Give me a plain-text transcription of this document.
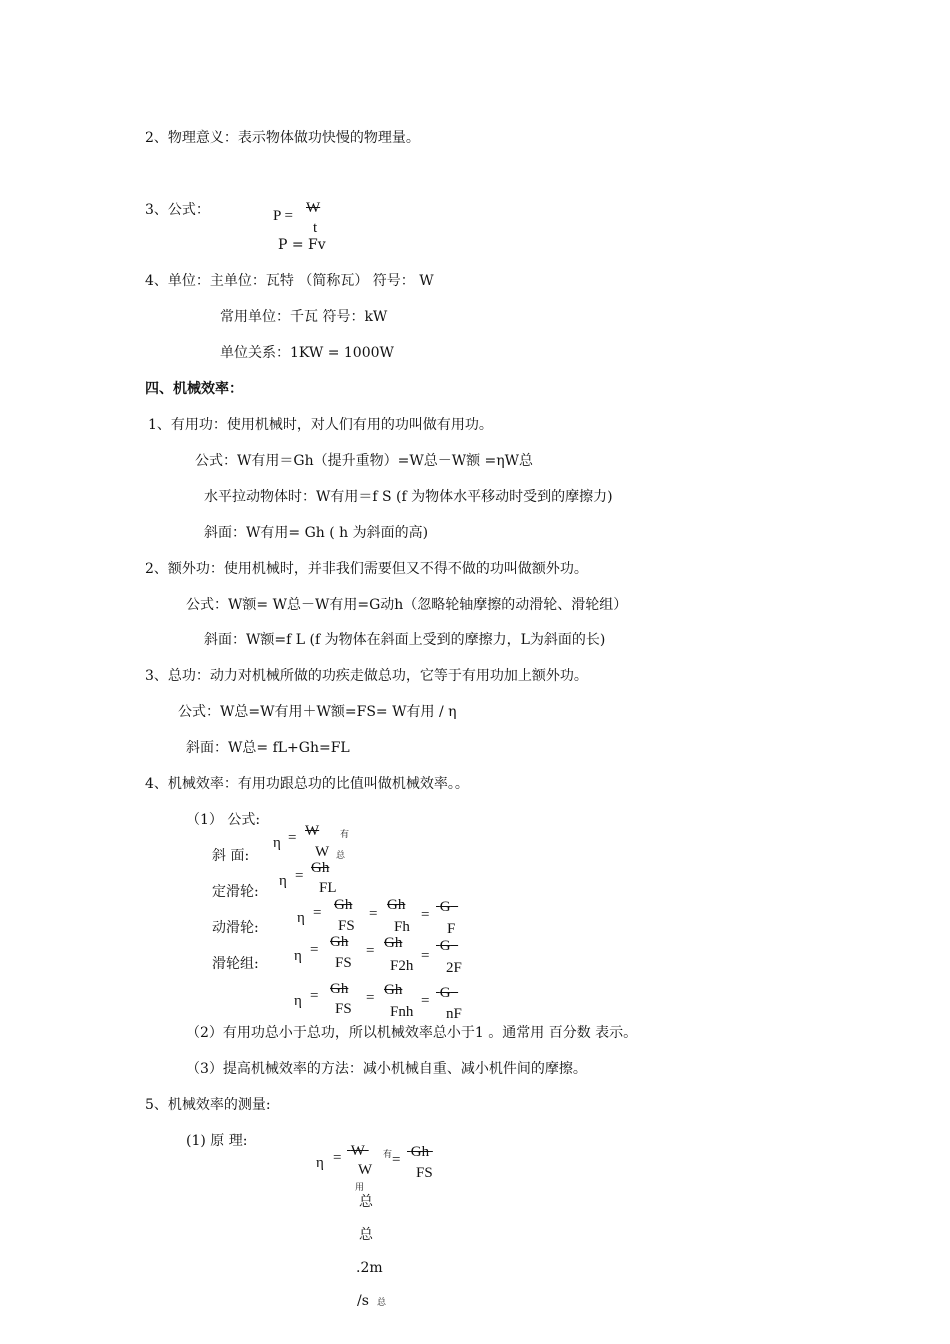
2、物理意义：表示物体做功快慢的物理量。
3、公式：	P = W
t
P = Fv
4、单位：主单位：瓦特 （简称瓦） 符号： W
常用单位：千瓦 符号：kW
单位关系：1KW = 1000W
四、机械效率：
1、有用功：使用机械时，对人们有用的功叫做有用功。
公式：W有用＝Gh（提升重物）=W总－W额 =ηW总
水平拉动物体时：W有用＝f S (f 为物体水平移动时受到的摩擦力)
斜面：W有用= Gh ( h 为斜面的高)
2、额外功：使用机械时，并非我们需要但又不得不做的功叫做额外功。
公式：W额= W总－W有用=G动h（忽略轮轴摩擦的动滑轮、滑轮组）
斜面：W额=f L (f 为物体在斜面上受到的摩擦力，L为斜面的长)
3、总功：动力对机械所做的功疾走做总功，它等于有用功加上额外功。
公式：W总=W有用＋W额=FS= W有用 / η
斜面：W总= fL+Gh=FL
4、机械效率：有用功跟总功的比值叫做机械效率。。
（1） 公式:
斜 面:
定滑轮:
动滑轮:
滑轮组:
η = W 有
W 总
η = Gh
FL
η = Gh
FS
=
Gh
Fh
= G
F
η = Gh
FS
= Gh
F2h
=
G
2F
η = Gh
FS
= Gh
Fnh
= G
nF
（2）有用功总小于总功，所以机械效率总小于1 。通常用 百分数 表示。
（3）提高机械效率的方法：减小机械自重、减小机件间的摩擦。
5、机械效率的测量:
(1) 原 理:
η = W	有
W
用
= Gh
FS
总
总
.2m
/s 总
